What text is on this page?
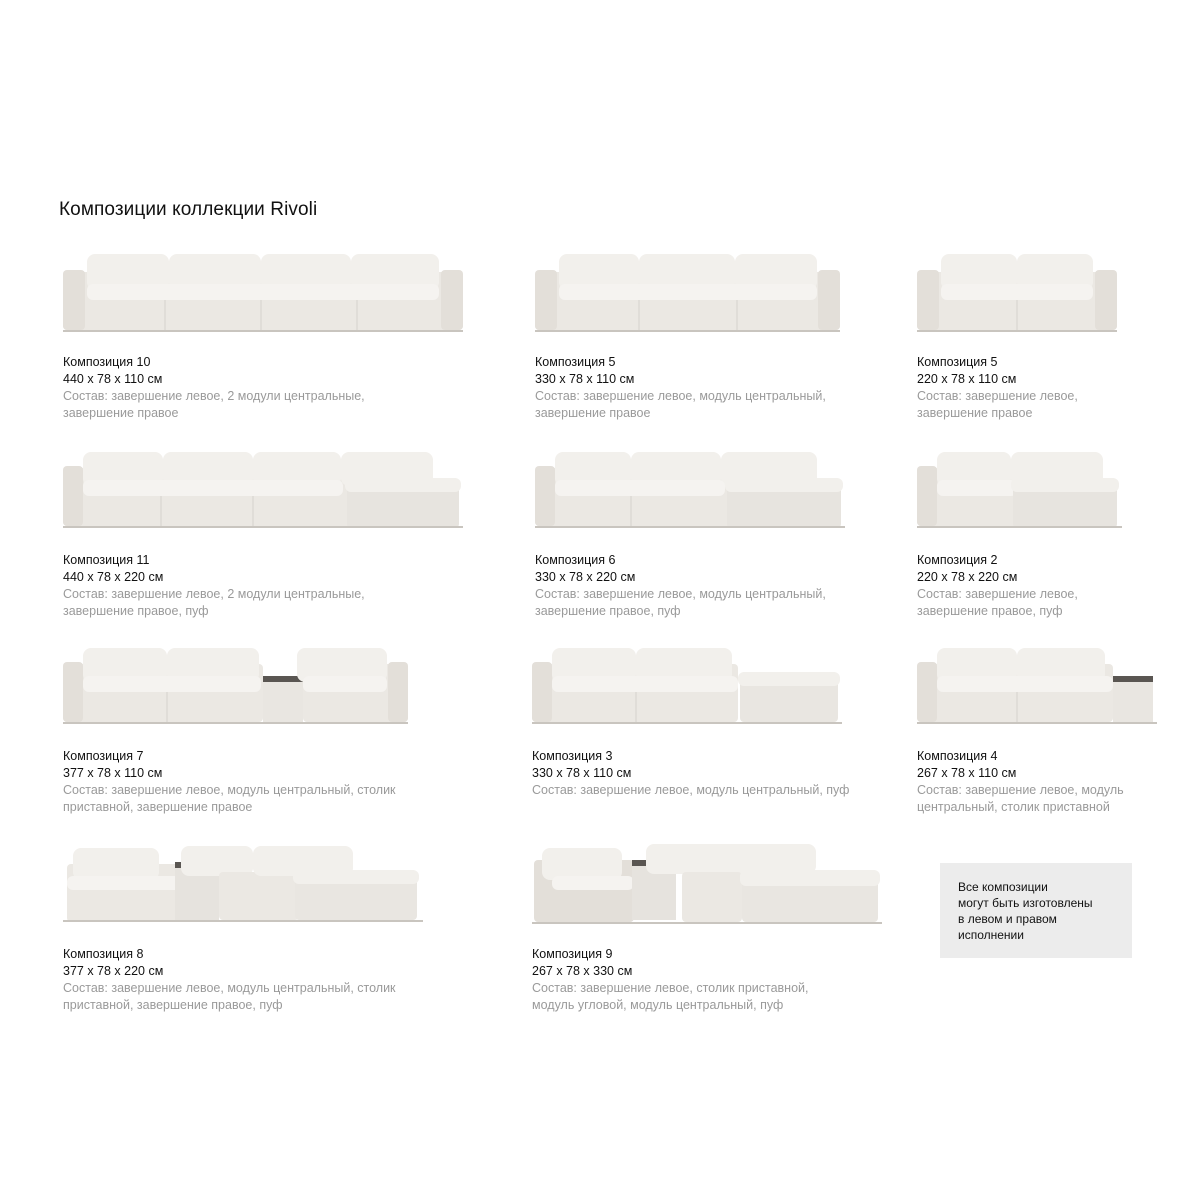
Композиции коллекции Rivoli
Композиция 10
440 x 78 x 110 см
Состав: завершение левое, 2 модули центральные,
завершение правое
Композиция 5
330 x 78 x 110 см
Состав: завершение левое, модуль центральный,
завершение правое
Композиция 5
220 x 78 x 110 см
Состав: завершение левое,
завершение правое
Композиция 11
440 x 78 x 220 см
Состав: завершение левое, 2 модули центральные,
завершение правое, пуф
Композиция 6
330 x 78 x 220 см
Состав: завершение левое, модуль центральный,
завершение правое, пуф
Композиция 2
220 x 78 x 220 см
Состав: завершение левое,
завершение правое, пуф
Композиция 7
377 x 78 x 110 см
Состав: завершение левое, модуль центральный, столик
приставной, завершение правое
Композиция 3
330 x 78 x 110 см
Состав: завершение левое, модуль центральный, пуф
Композиция 4
267 x 78 x 110 см
Состав: завершение левое, модуль
центральный, столик приставной
Композиция 8
377 x 78 x 220 см
Состав: завершение левое, модуль центральный, столик
приставной, завершение правое, пуф
Композиция 9
267 x 78 x 330 см
Состав: завершение левое, столик приставной,
модуль угловой, модуль центральный, пуф
Все композиции
могут быть изготовлены
в левом и правом
исполнении
